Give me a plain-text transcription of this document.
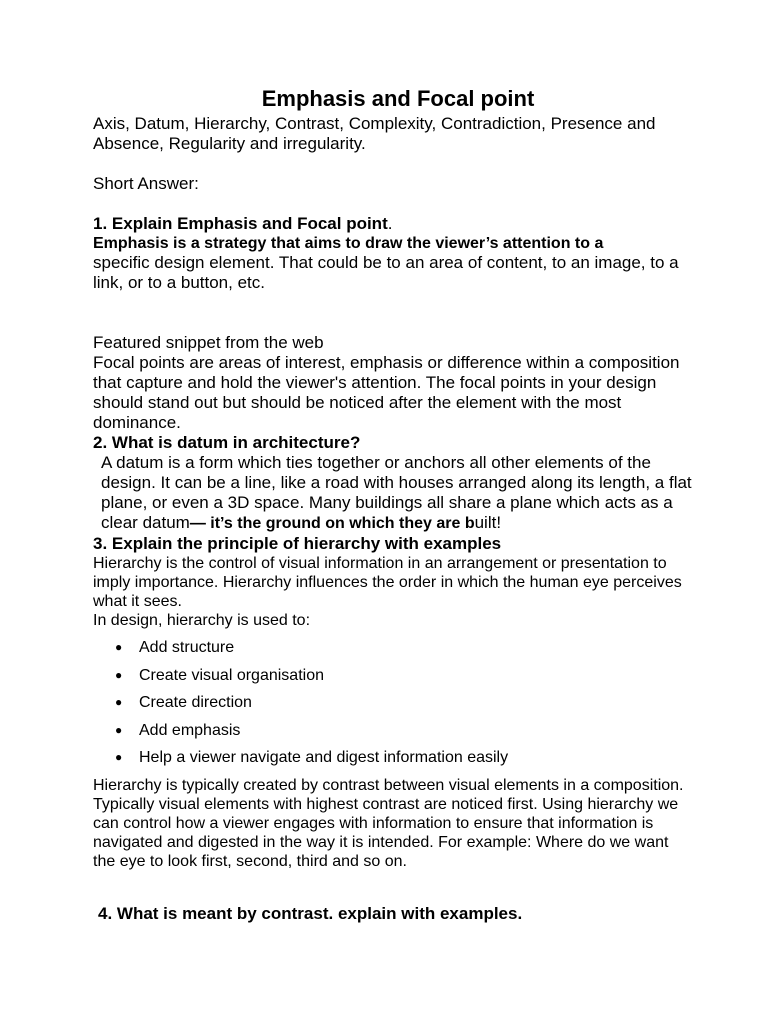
Emphasis and Focal point

Axis, Datum, Hierarchy, Contrast, Complexity, Contradiction, Presence and Absence, Regularity and irregularity.

Short Answer:

1. Explain Emphasis and Focal point.

Emphasis is a strategy that aims to draw the viewer’s attention to a

specific design element. That could be to an area of content, to an image, to a link, or to a button, etc.

Featured snippet from the web

Focal points are areas of interest, emphasis or difference within a composition that capture and hold the viewer's attention. The focal points in your design should stand out but should be noticed after the element with the most dominance.

2. What is datum in architecture?

A datum is a form which ties together or anchors all other elements of the design. It can be a line, like a road with houses arranged along its length, a flat plane, or even a 3D space. Many buildings all share a plane which acts as a clear datum— it’s the ground on which they are built!

3. Explain the principle of hierarchy with examples

Hierarchy is the control of visual information in an arrangement or presentation to imply importance. Hierarchy influences the order in which the human eye perceives what it sees.

In design, hierarchy is used to:

● Add structure
● Create visual organisation
● Create direction
● Add emphasis
● Help a viewer navigate and digest information easily

Hierarchy is typically created by contrast between visual elements in a composition. Typically visual elements with highest contrast are noticed first. Using hierarchy we can control how a viewer engages with information to ensure that information is navigated and digested in the way it is intended. For example: Where do we want the eye to look first, second, third and so on.

4. What is meant by contrast. explain with examples.
